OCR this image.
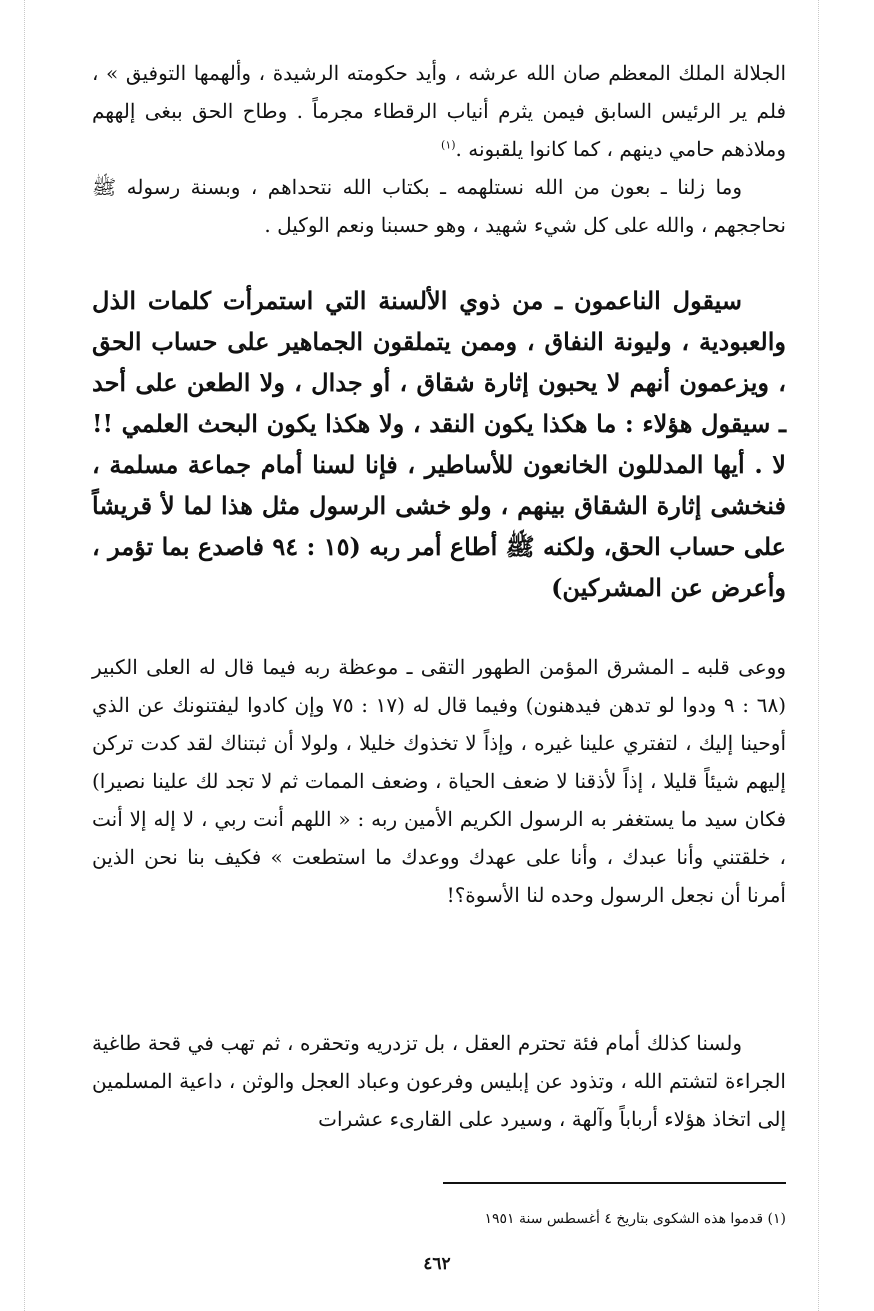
الجلالة الملك المعظم صان الله عرشه ، وأيد حكومته الرشيدة ، وألهمها التوفيق » ، فلم ير الرئيس السابق فيمن يثرم أنياب الرقطاء مجرماً . وطاح الحق ببغى إلههم وملاذهم حامي دينهم ، كما كانوا يلقبونه .$^{(١)}$

وما زلنا ـ بعون من الله نستلهمه ـ بكتاب الله نتحداهم ، وبسنة رسوله ﷺ نحاججهم ، والله على كل شيء شهيد ، وهو حسبنا ونعم الوكيل .

سيقول الناعمون ـ من ذوي الألسنة التي استمرأت كلمات الذل والعبودية ، وليونة النفاق ، وممن يتملقون الجماهير على حساب الحق ، ويزعمون أنهم لا يحبون إثارة شقاق ، أو جدال ، ولا الطعن على أحد ـ سيقول هؤلاء : ما هكذا يكون النقد ، ولا هكذا يكون البحث العلمي !! لا . أيها المدللون الخانعون للأساطير ، فإنا لسنا أمام جماعة مسلمة ، فنخشى إثارة الشقاق بينهم ، ولو خشى الرسول مثل هذا لما لأ قريشاً على حساب الحق، ولكنه ﷺ أطاع أمر ربه (١٥ : ٩٤ فاصدع بما تؤمر ، وأعرض عن المشركين)

ووعى قلبه ـ المشرق المؤمن الطهور التقى ـ موعظة ربه فيما قال له العلى الكبير (٦٨ : ٩ ودوا لو تدهن فيدهنون) وفيما قال له (١٧ : ٧٥ وإن كادوا ليفتنونك عن الذي أوحينا إليك ، لتفتري علينا غيره ، وإذاً لا تخذوك خليلا ، ولولا أن ثبتناك لقد كدت تركن إليهم شيئاً قليلا ، إذاً لأذقنا لا ضعف الحياة ، وضعف الممات ثم لا تجد لك علينا نصيرا) فكان سيد ما يستغفر به الرسول الكريم الأمين ربه : « اللهم أنت ربي ، لا إله إلا أنت ، خلقتني وأنا عبدك ، وأنا على عهدك ووعدك ما استطعت » فكيف بنا نحن الذين أمرنا أن نجعل الرسول وحده لنا الأسوة؟!

ولسنا كذلك أمام فئة تحترم العقل ، بل تزدريه وتحقره ، ثم تهب في قحة طاغية الجراءة لتشتم الله ، وتذود عن إبليس وفرعون وعباد العجل والوثن ، داعية المسلمين إلى اتخاذ هؤلاء أرباباً وآلهة ، وسيرد على القارىء عشرات

(١) قدموا هذه الشكوى بتاريخ ٤ أغسطس سنة ١٩٥١

٤٦٢
